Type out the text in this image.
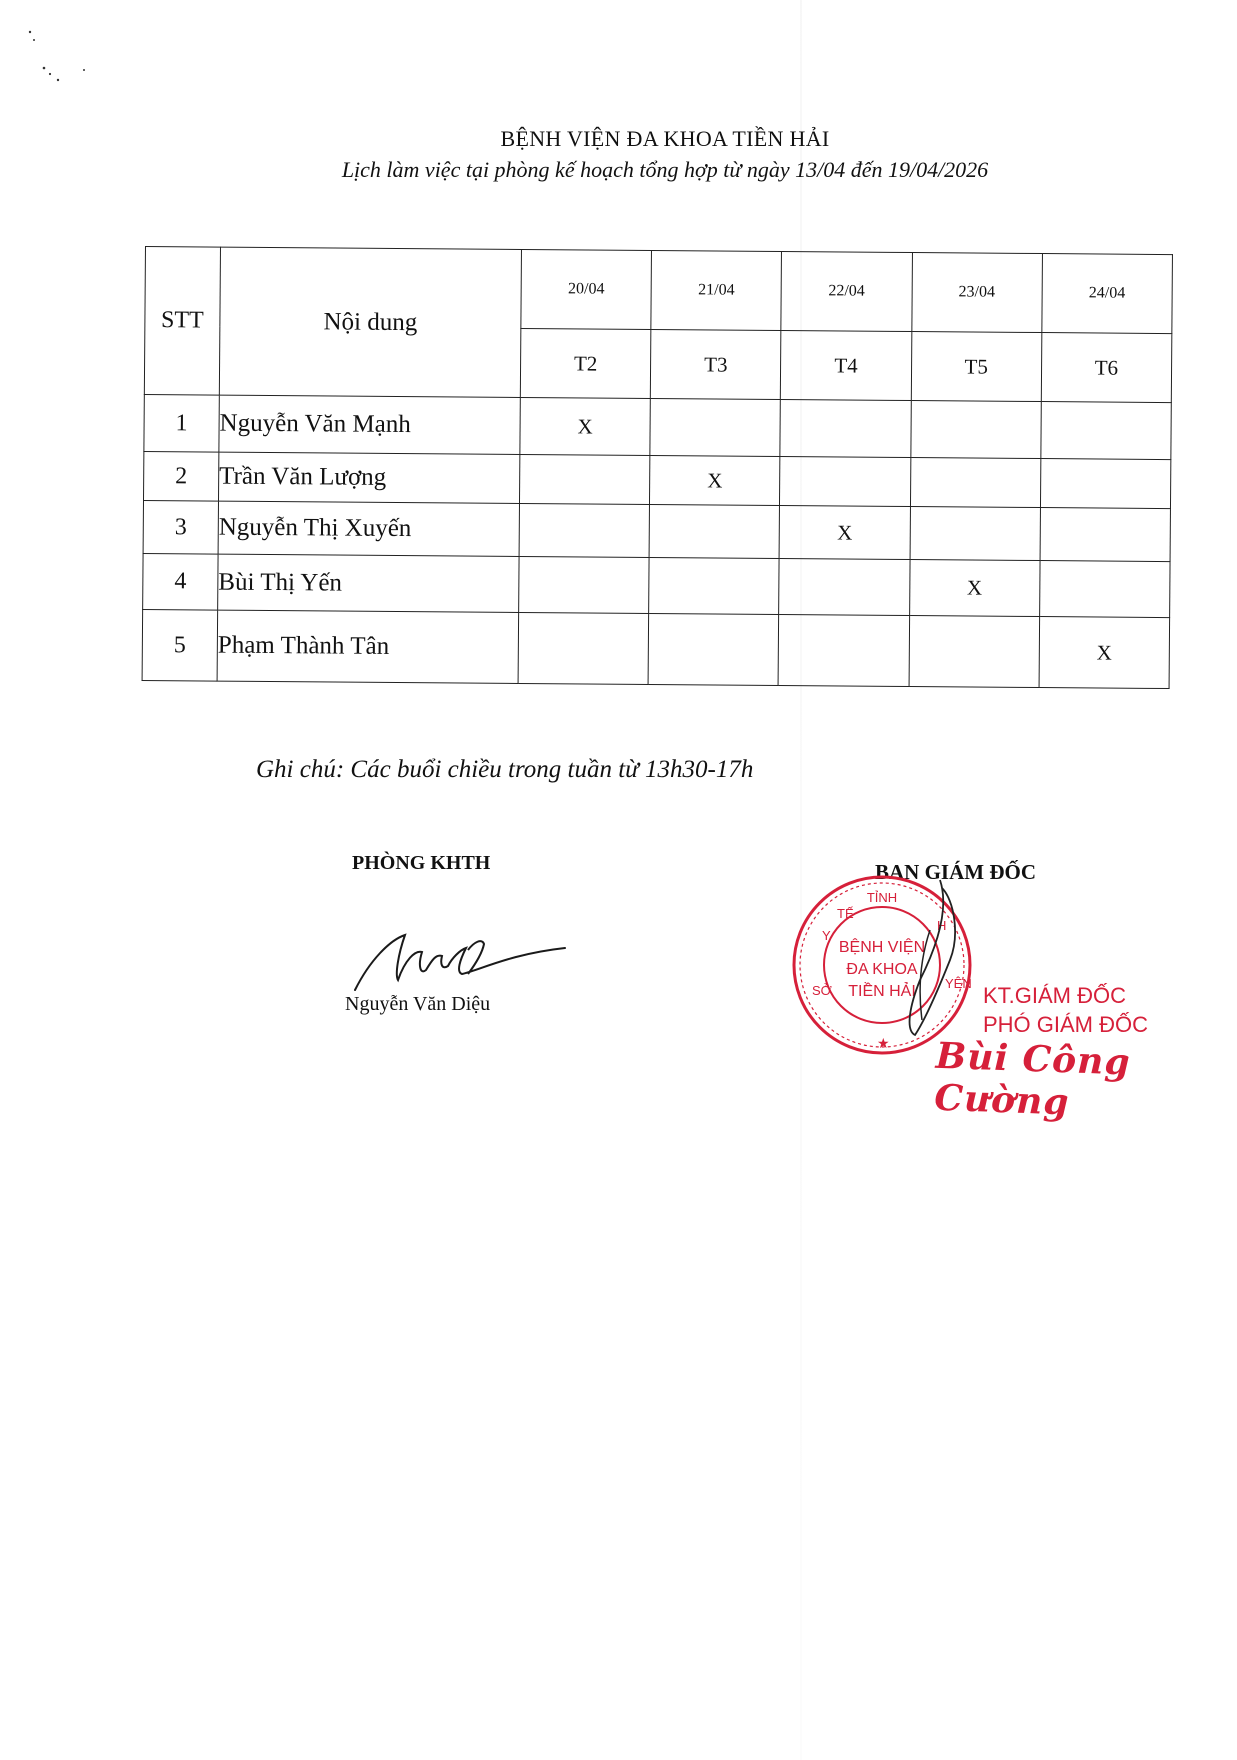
BỆNH VIỆN ĐA KHOA TIỀN HẢI
Lịch làm việc tại phòng kế hoạch tổng hợp từ ngày 13/04 đến 19/04/2026
STT	Nội dung	20/04	21/04	22/04	23/04	24/04
		T2	T3	T4	T5	T6
1	Nguyễn Văn Mạnh	X				
2	Trần Văn Lượng		X			
3	Nguyễn Thị Xuyến			X		
4	Bùi Thị Yến				X	
5	Phạm Thành Tân					X
Ghi chú: Các buổi chiều trong tuần từ 13h30-17h
PHÒNG KHTH
Nguyễn Văn Diệu
BAN GIÁM ĐỐC
TỈNH
Y
TẾ
H
YÊN
SỞ
★
BỆNH VIỆN
ĐA KHOA
TIỀN HẢI	KT.GIÁM ĐỐC
PHÓ GIÁM ĐỐC
Bùi Công Cường
